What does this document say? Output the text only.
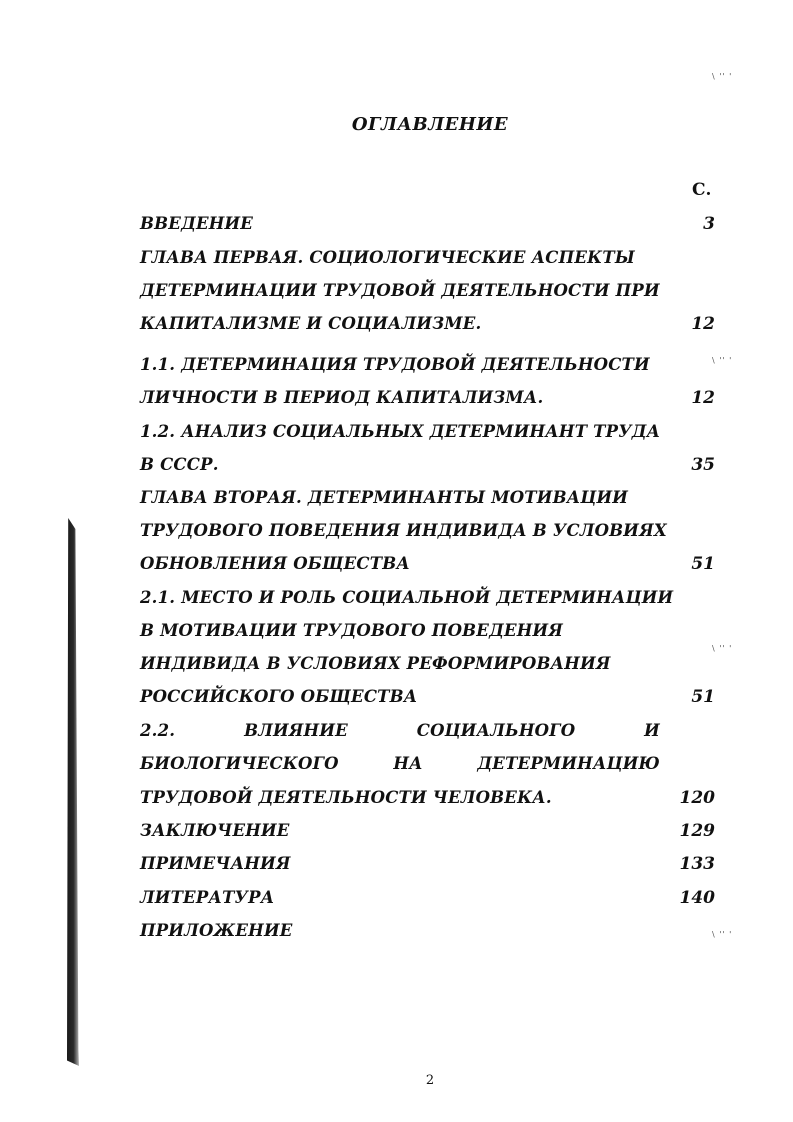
\ '' '
\ '' '
\ '' '
\ '' '
ОГЛАВЛЕНИЕ
С.
ВВЕДЕНИЕ	3
ГЛАВА ПЕРВАЯ. СОЦИОЛОГИЧЕСКИЕ АСПЕКТЫ
ДЕТЕРМИНАЦИИ ТРУДОВОЙ ДЕЯТЕЛЬНОСТИ ПРИ
КАПИТАЛИЗМЕ И СОЦИАЛИЗМЕ.	12
1.1. ДЕТЕРМИНАЦИЯ ТРУДОВОЙ ДЕЯТЕЛЬНОСТИ
ЛИЧНОСТИ В ПЕРИОД КАПИТАЛИЗМА.	12
1.2. АНАЛИЗ СОЦИАЛЬНЫХ ДЕТЕРМИНАНТ ТРУДА
В СССР.	35
ГЛАВА ВТОРАЯ. ДЕТЕРМИНАНТЫ МОТИВАЦИИ
ТРУДОВОГО ПОВЕДЕНИЯ ИНДИВИДА В УСЛОВИЯХ
ОБНОВЛЕНИЯ ОБЩЕСТВА	51
2.1. МЕСТО И РОЛЬ СОЦИАЛЬНОЙ ДЕТЕРМИНАЦИИ
В МОТИВАЦИИ ТРУДОВОГО ПОВЕДЕНИЯ
ИНДИВИДА В УСЛОВИЯХ РЕФОРМИРОВАНИЯ
РОССИЙСКОГО ОБЩЕСТВА	51
2.2.	ВЛИЯНИЕ	СОЦИАЛЬНОГО	И
БИОЛОГИЧЕСКОГО	НА	ДЕТЕРМИНАЦИЮ
ТРУДОВОЙ ДЕЯТЕЛЬНОСТИ ЧЕЛОВЕКА.	120
ЗАКЛЮЧЕНИЕ	129
ПРИМЕЧАНИЯ	133
ЛИТЕРАТУРА	140
ПРИЛОЖЕНИЕ
2
